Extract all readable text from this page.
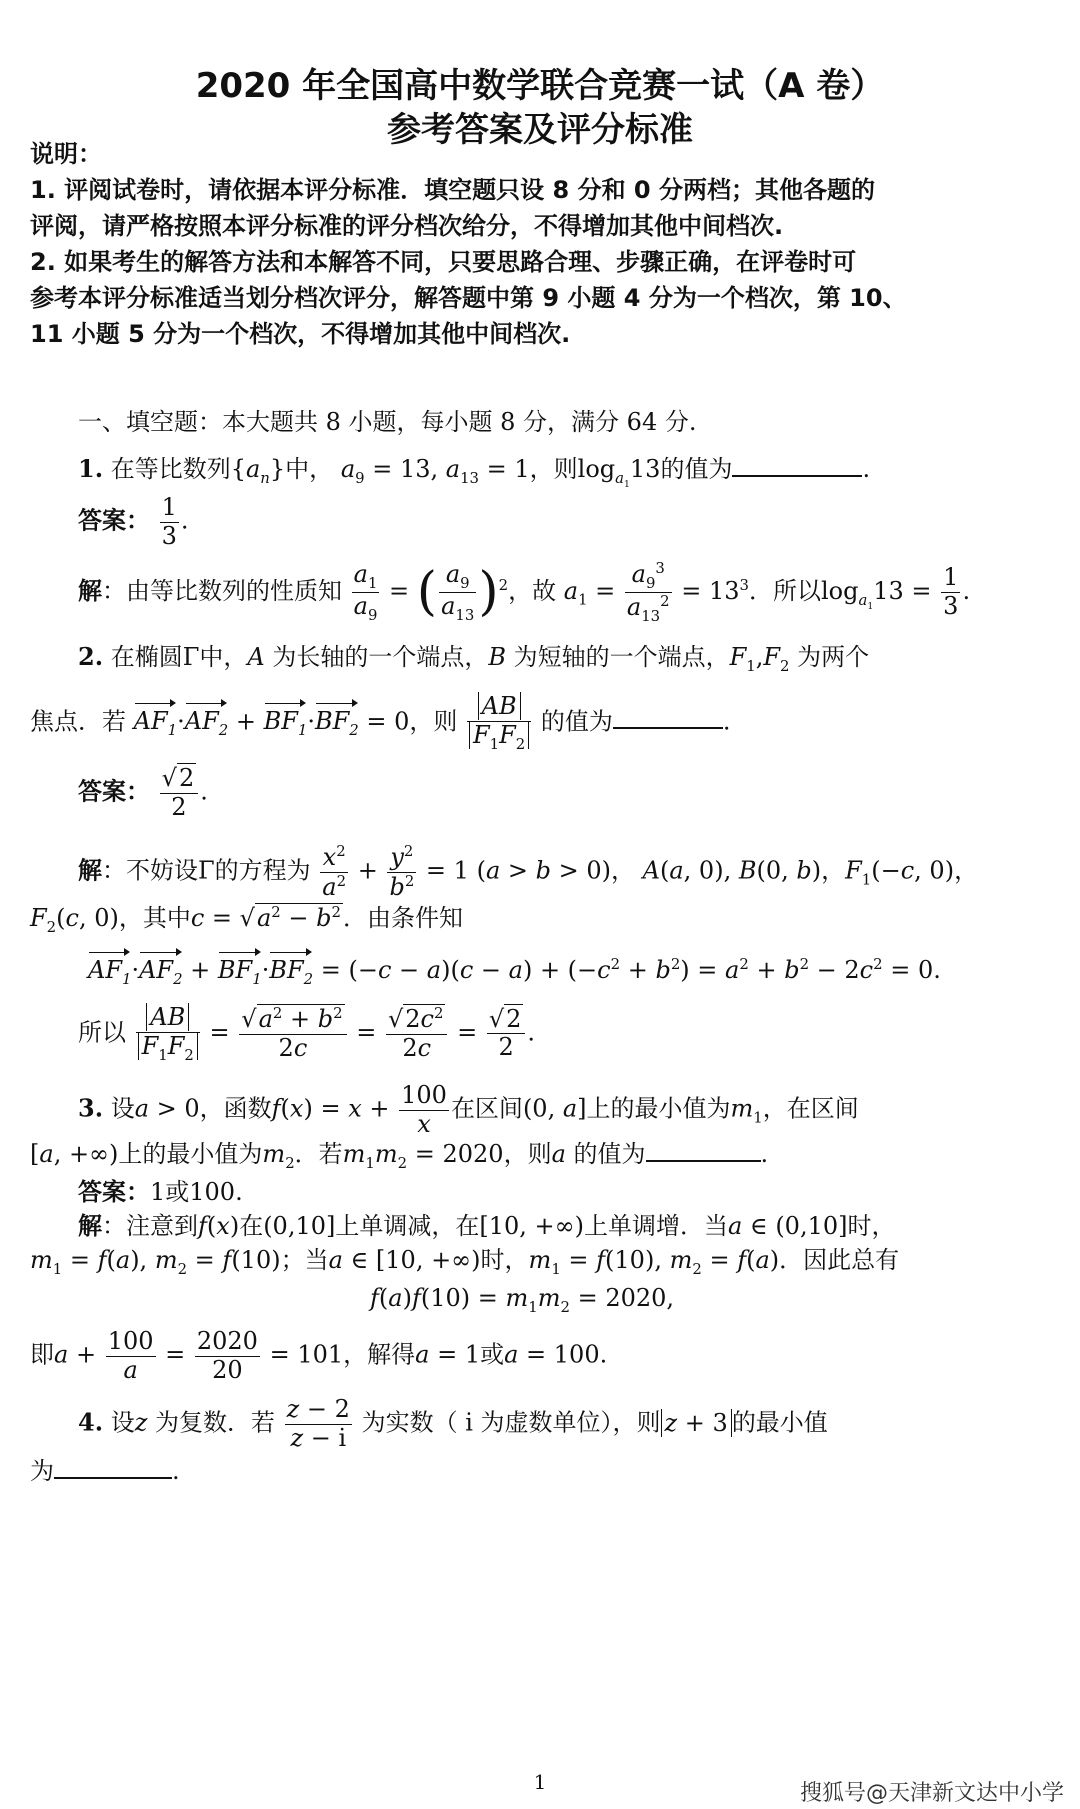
2020 年全国高中数学联合竞赛一试（A 卷）
参考答案及评分标准
说明：
1. 评阅试卷时，请依据本评分标准．填空题只设 8 分和 0 分两档；其他各题的
评阅，请严格按照本评分标准的评分档次给分，不得增加其他中间档次.
2. 如果考生的解答方法和本解答不同，只要思路合理、步骤正确，在评卷时可
参考本评分标准适当划分档次评分，解答题中第 9 小题 4 分为一个档次，第 10、
11 小题 5 分为一个档次，不得增加其他中间档次.
一、填空题：本大题共 8 小题，每小题 8 分，满分 64 分.
1. 在等比数列$\{a_n\}$中， $a_9 = 13$, $a_{13} = 1$，则$\log_{a_1}13$的值为	.
答案： $\frac{1}{3}$ .
解：由等比数列的性质知 $\frac{a_1}{a_9}$ = ( $\frac{a_9}{a_{13}} )^2$，故 $a_1 = \frac{a_9^3}{a_{13}^2} = 13^3$．所以$\log_{a_1}13 = \frac{1}{3}$ .
2. 在椭圆Γ中，A 为长轴的一个端点，B 为短轴的一个端点，$F_1,F_2$ 为两个
焦点．若 $AF_1\cdot AF_2 + BF_1\cdot BF_2 = 0$，则 $\frac{AB}{F_1F_2}$ 的值为	.
答案： $\frac{√2}{2}$ .
解：不妨设Γ的方程为 $\frac{x^2}{a^2} + \frac{y^2}{b^2} = 1$ (a > b > 0)， A(a, 0), B(0, b)，$F_1(-c$, 0)，
$F_2(c$, 0)，其中$c = √a^2 - b^2$．由条件知
$AF_1\cdot AF_2 + BF_1\cdot BF_2 = (-c - a)(c - a) + (-c^2 + b^2) = a^2 + b^2 - 2c^2 = 0$.
所以 $\frac{AB}{F_1F_2} = \frac{√a^2 + b^2}{2c} = \frac{√2c^2}{2c} = \frac{√2}{2}$ .
3. 设a > 0，函数$f(x) = x + \frac{100}{x}$ 在区间(0, a]上的最小值为$m_1$，在区间
[a, +∞)上的最小值为$m_2$．若$m_1m_2 = 2020$，则a 的值为	.
答案：1或100.
解：注意到f(x)在(0,10]上单调减，在[10, +∞)上单调增．当a ∈ (0,10]时，
$m_1 = f(a)$, $m_2 = f(10)$；当a ∈ [10, +∞)时，$m_1 = f(10)$, $m_2 = f(a)$．因此总有
$f(a)f(10) = m_1m_2 = 2020$,
即$a + \frac{100}{a} = \frac{2020}{20} = 101$，解得a = 1或a = 100.
4. 设z 为复数．若 $\frac{z - 2}{z - i}$ 为实数（ i 为虚数单位），则 z + 3 的最小值
为	.
1	搜狐号@天津新文达中小学
